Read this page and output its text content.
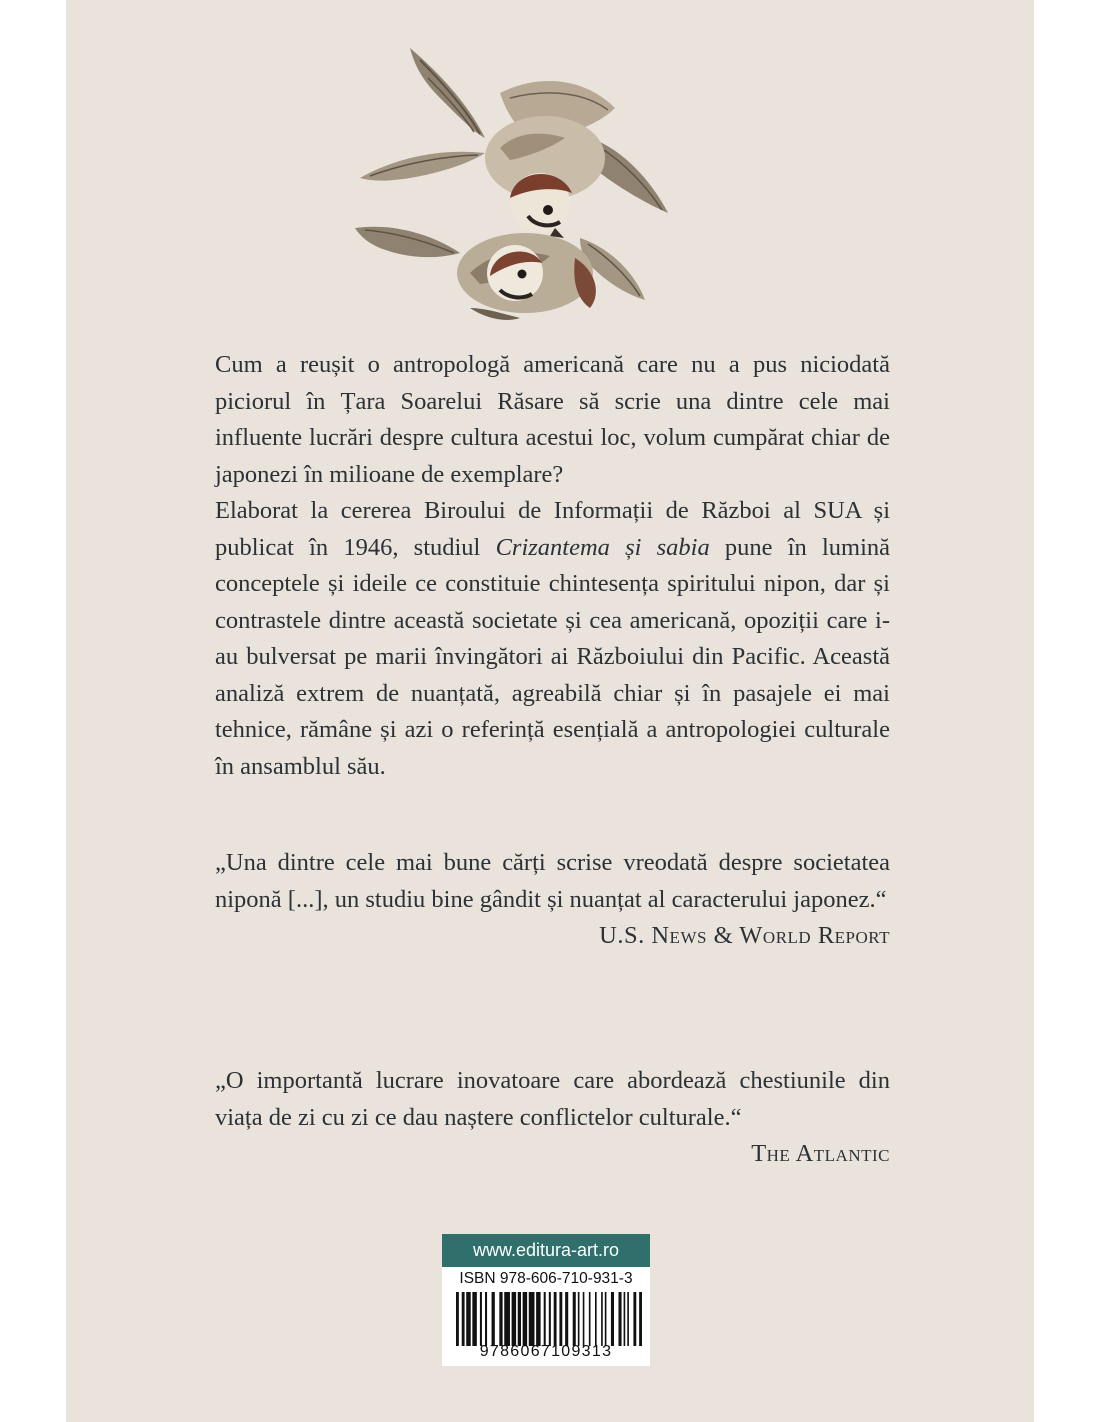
Cum a reușit o antropologă americană care nu a pus niciodată piciorul în Țara Soarelui Răsare să scrie una dintre cele mai influente lucrări despre cultura acestui loc, volum cumpărat chiar de japonezi în milioane de exemplare?

Elaborat la cererea Biroului de Informații de Război al SUA și publicat în 1946, studiul Crizantema și sabia pune în lumină conceptele și ideile ce constituie chintesența spiritului nipon, dar și contrastele dintre această societate și cea americană, opoziții care i-au bulversat pe marii învingători ai Războiului din Pacific. Această analiză extrem de nuanțată, agreabilă chiar și în pasajele ei mai tehnice, rămâne și azi o referință esențială a antropologiei culturale în ansamblul său.

„Una dintre cele mai bune cărți scrise vreodată despre societatea niponă [...], un studiu bine gândit și nuanțat al caracterului japonez.“

U.S. News & World Report

„O importantă lucrare inovatoare care abordează chestiunile din viața de zi cu zi ce dau naștere conflictelor culturale.“

The Atlantic
www.editura-art.ro
ISBN 978-606-710-931-3
9786067109313
